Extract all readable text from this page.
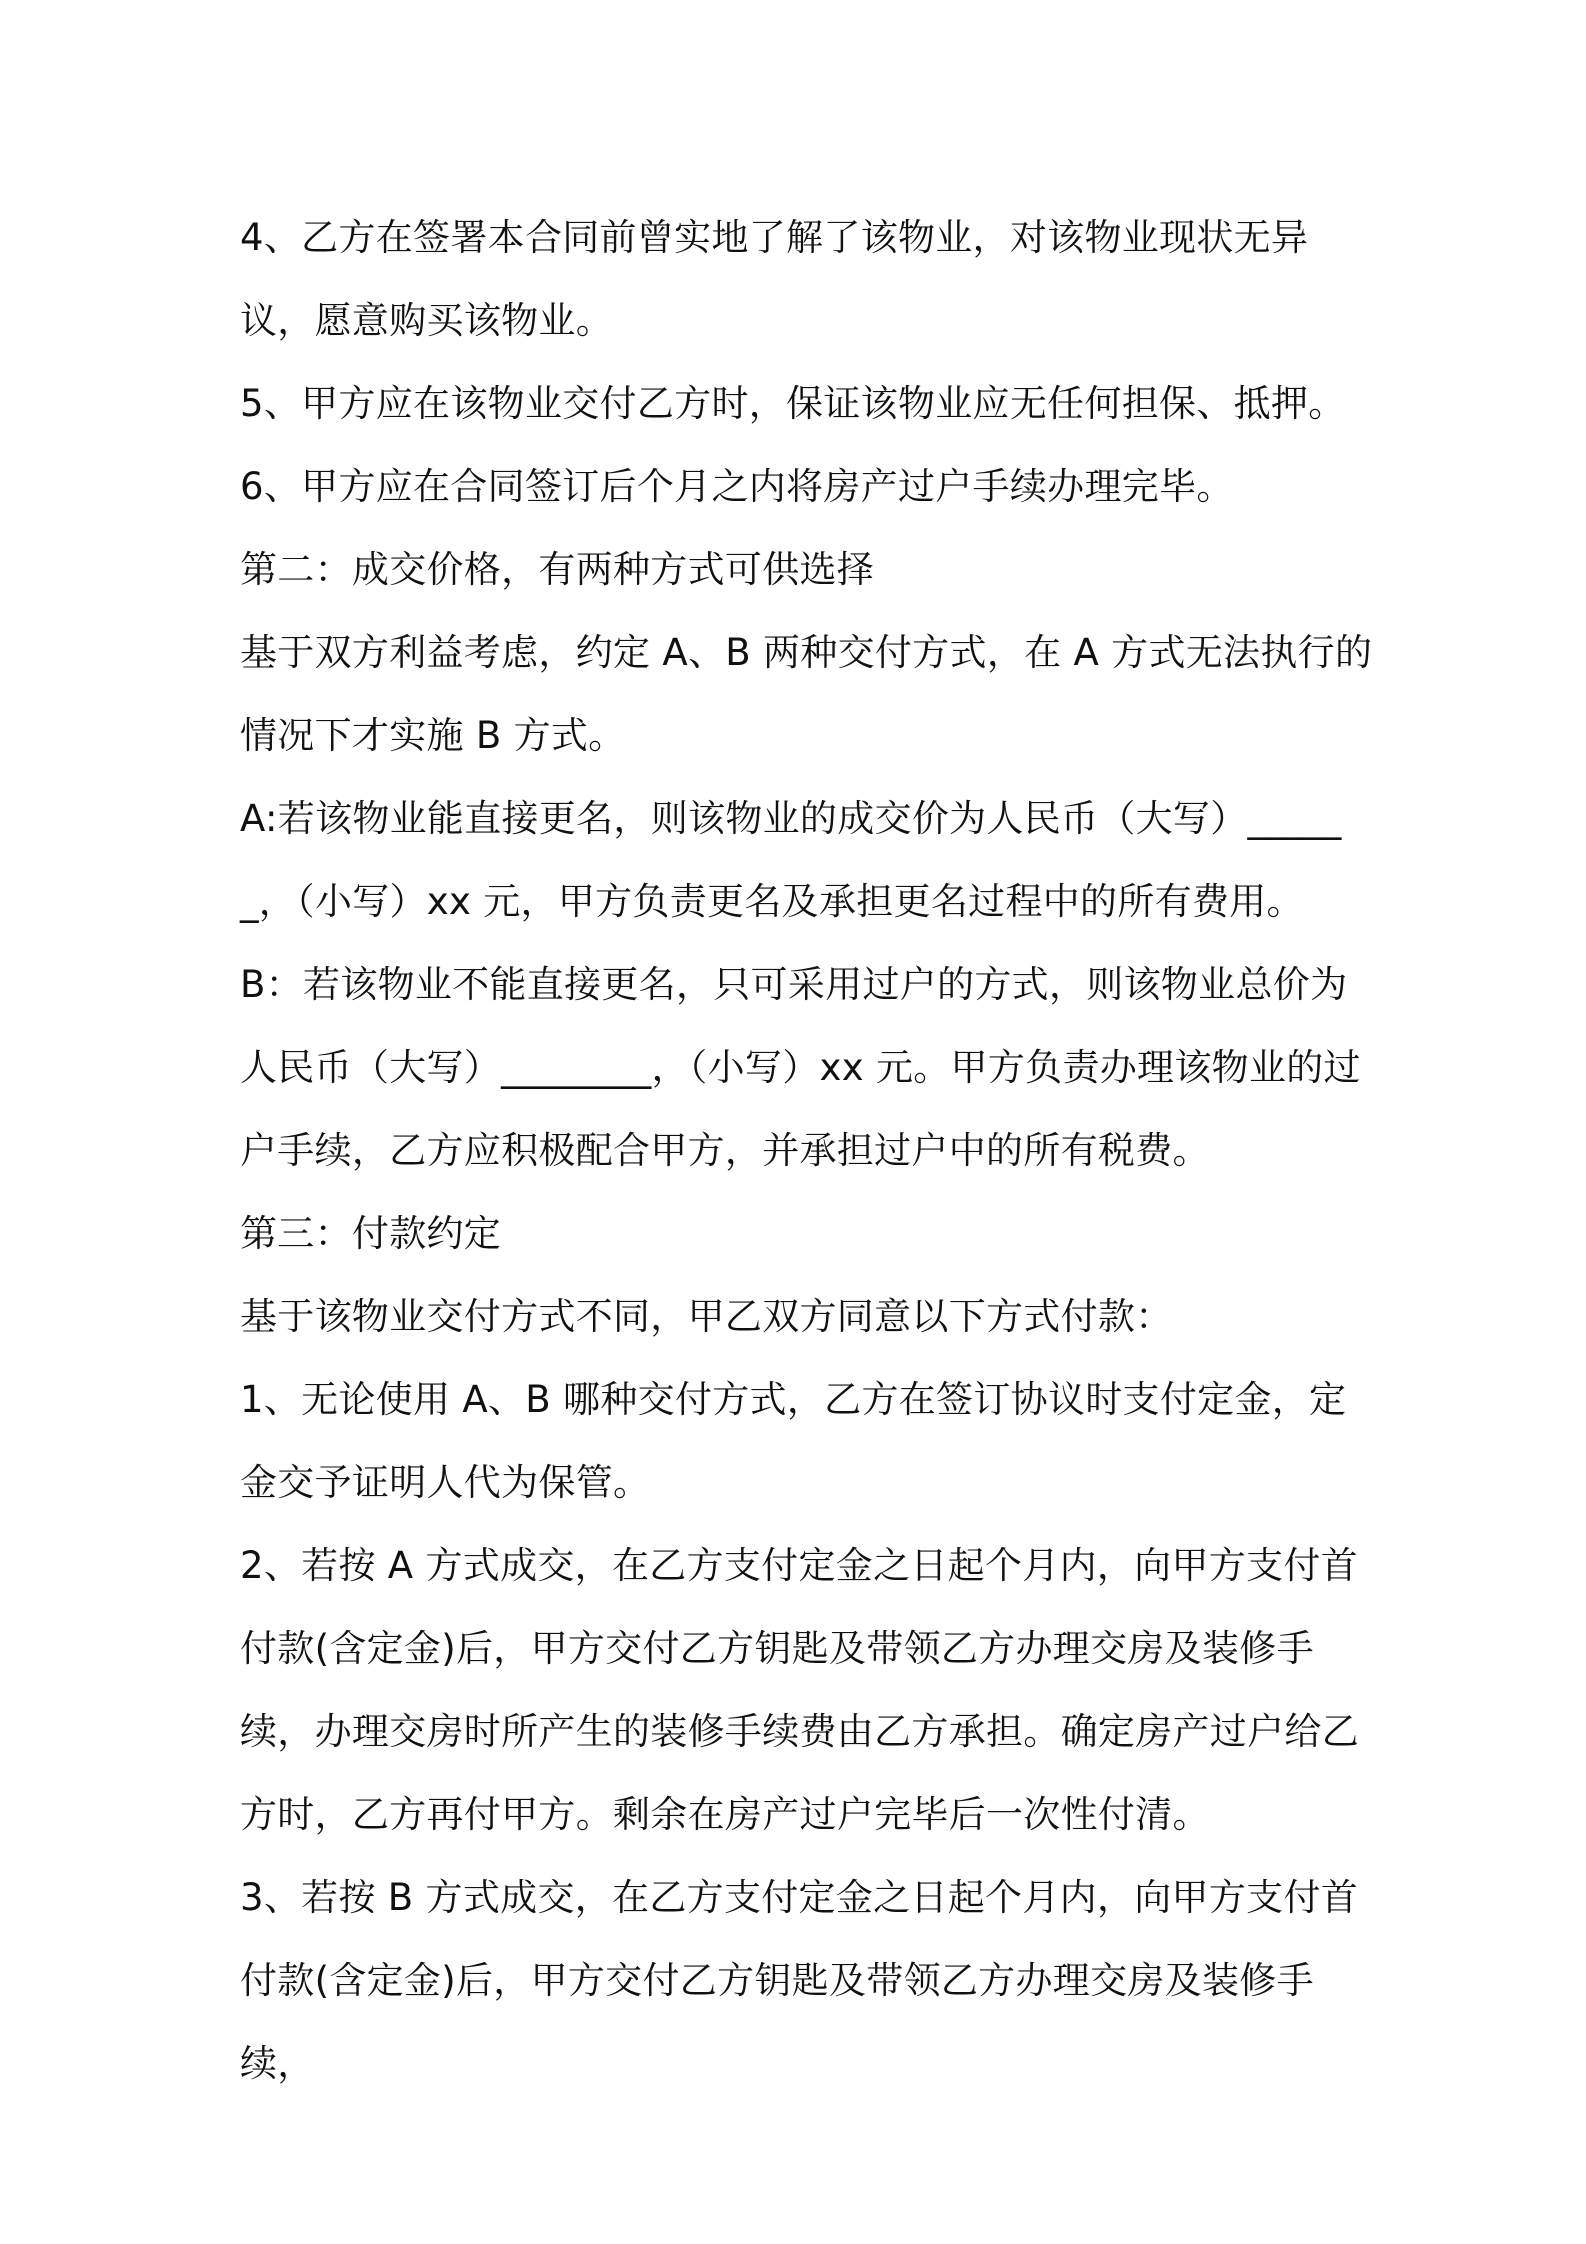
4、乙方在签署本合同前曾实地了解了该物业，对该物业现状无异议，愿意购买该物业。

5、甲方应在该物业交付乙方时，保证该物业应无任何担保、抵押。

6、甲方应在合同签订后个月之内将房产过户手续办理完毕。

第二：成交价格，有两种方式可供选择

基于双方利益考虑，约定 A、B 两种交付方式，在 A 方式无法执行的情况下才实施 B 方式。

A:若该物业能直接更名，则该物业的成交价为人民币（大写）______，（小写）xx 元，甲方负责更名及承担更名过程中的所有费用。

B：若该物业不能直接更名，只可采用过户的方式，则该物业总价为人民币（大写）________，（小写）xx 元。甲方负责办理该物业的过户手续，乙方应积极配合甲方，并承担过户中的所有税费。

第三：付款约定

基于该物业交付方式不同，甲乙双方同意以下方式付款：

1、无论使用 A、B 哪种交付方式，乙方在签订协议时支付定金，定金交予证明人代为保管。

2、若按 A 方式成交，在乙方支付定金之日起个月内，向甲方支付首付款(含定金)后，甲方交付乙方钥匙及带领乙方办理交房及装修手续，办理交房时所产生的装修手续费由乙方承担。确定房产过户给乙方时，乙方再付甲方。剩余在房产过户完毕后一次性付清。

3、若按 B 方式成交，在乙方支付定金之日起个月内，向甲方支付首付款(含定金)后，甲方交付乙方钥匙及带领乙方办理交房及装修手续，
